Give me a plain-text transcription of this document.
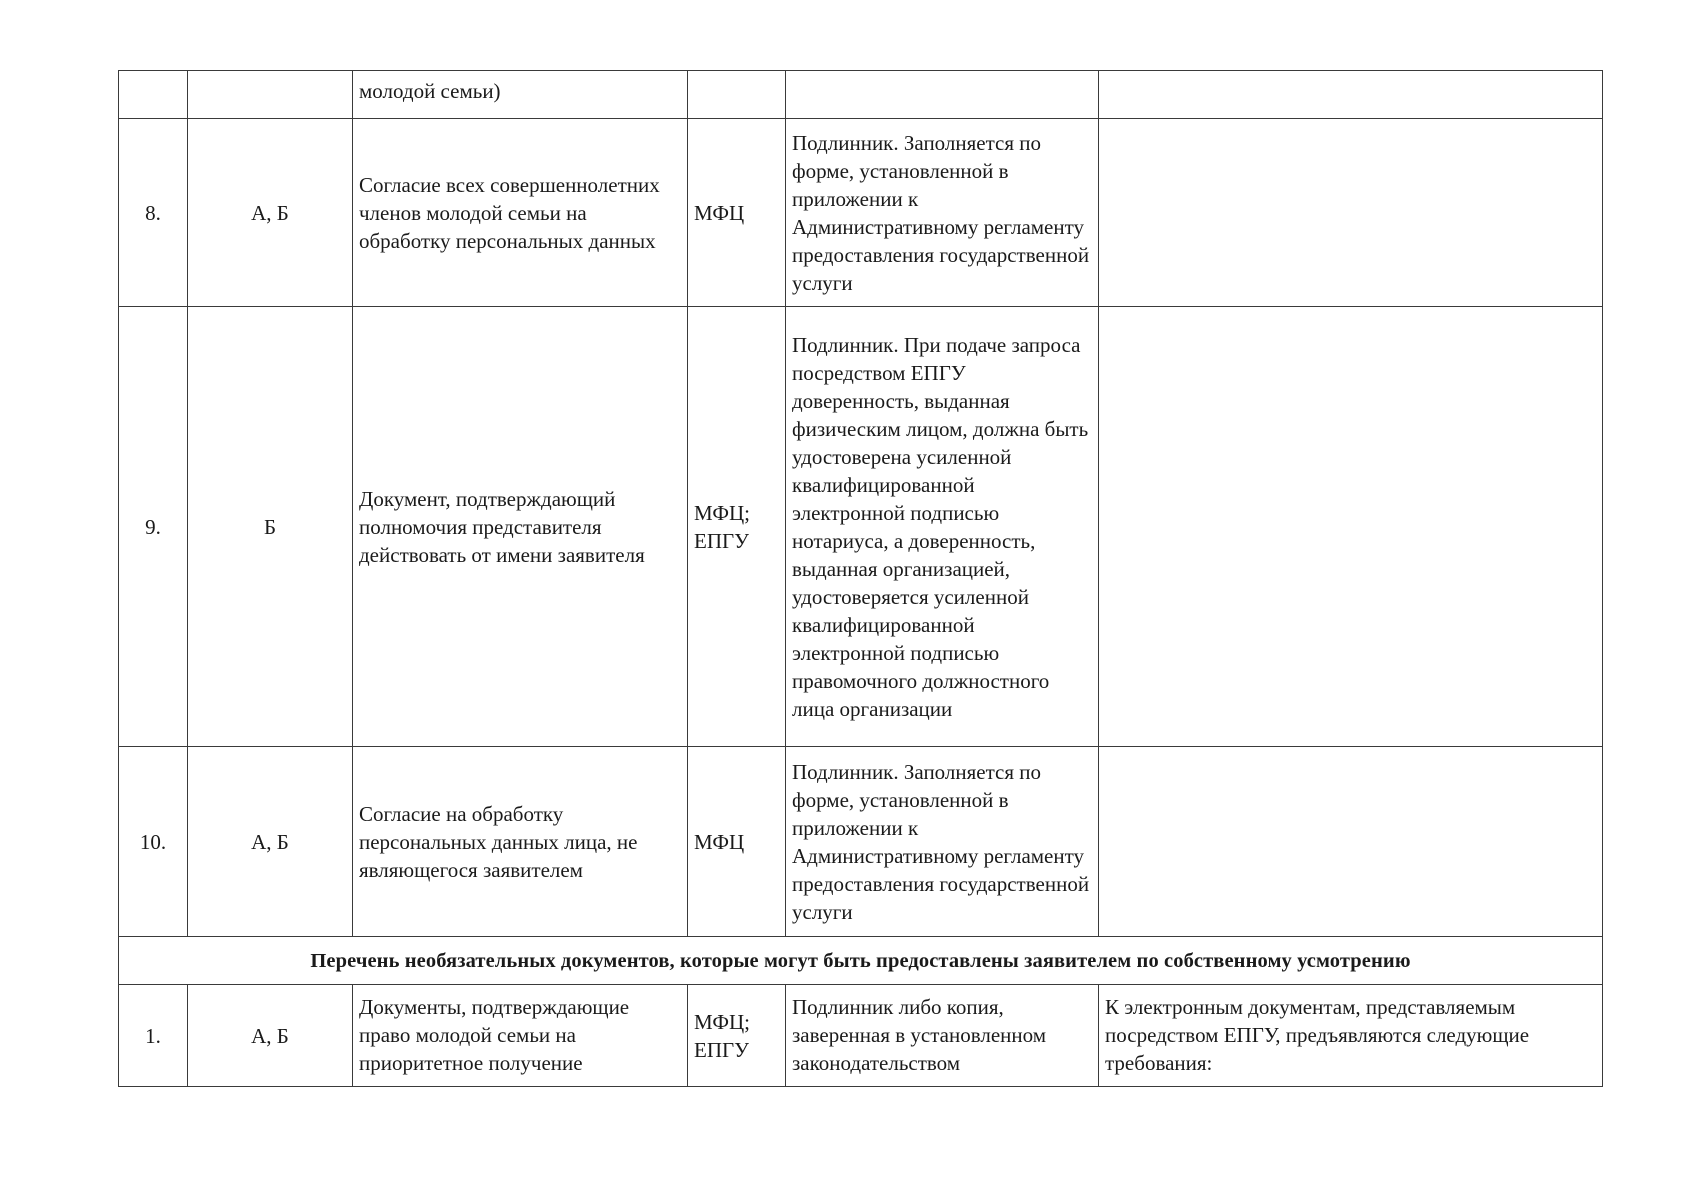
		молодой семьи)			
8.	А, Б	Согласие всех совершеннолетних членов молодой семьи на обработку персональных данных	МФЦ	Подлинник. Заполняется по форме, установленной в приложении к Административному регламенту предоставления государственной услуги	
9.	Б	Документ, подтверждающий полномочия представителя действовать от имени заявителя	МФЦ; ЕПГУ	Подлинник. При подаче запроса посредством ЕПГУ доверенность, выданная физическим лицом, должна быть удостоверена усиленной квалифицированной электронной подписью нотариуса, а доверенность, выданная организацией, удостоверяется усиленной квалифицированной электронной подписью правомочного должностного лица организации	
10.	А, Б	Согласие на обработку персональных данных лица, не являющегося заявителем	МФЦ	Подлинник. Заполняется по форме, установленной в приложении к Административному регламенту предоставления государственной услуги	
Перечень необязательных документов, которые могут быть предоставлены заявителем по собственному усмотрению					
1.	А, Б	Документы, подтверждающие право молодой семьи на приоритетное получение	МФЦ; ЕПГУ	Подлинник либо копия, заверенная в установленном законодательством	К электронным документам, представляемым посредством ЕПГУ, предъявляются следующие требования:
